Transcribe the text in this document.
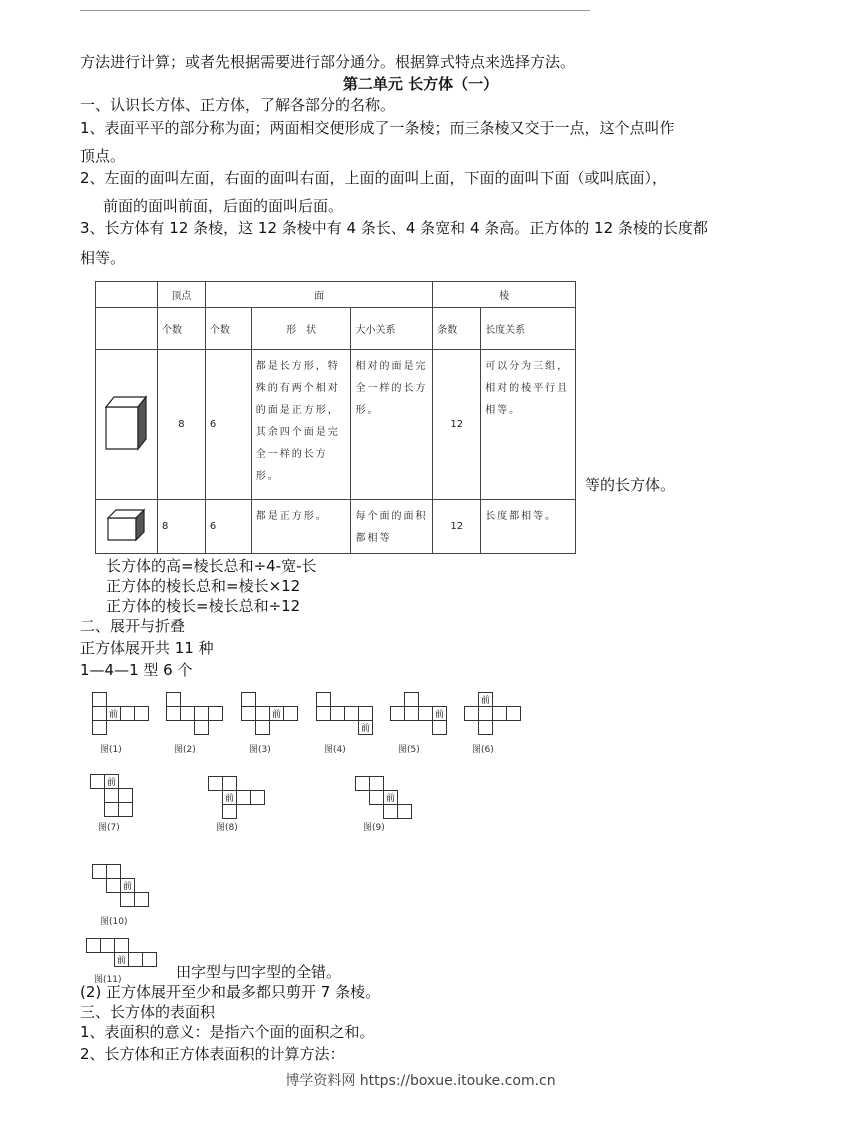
方法进行计算；或者先根据需要进行部分通分。根据算式特点来选择方法。
第二单元 长方体（一）
一、认识长方体、正方体，了解各部分的名称。
1、表面平平的部分称为面；两面相交便形成了一条棱；而三条棱又交于一点，这个点叫作
顶点。
2、左面的面叫左面，右面的面叫右面，上面的面叫上面，下面的面叫下面（或叫底面），
前面的面叫前面，后面的面叫后面。
3、长方体有 12 条棱，这 12 条棱中有 4 条长、4 条宽和 4 条高。正方体的 12 条棱的长度都
相等。
	顶点	面			棱	
	个数	个数	形　状	大小关系	条数	长度关系
	8	6	都是长方形，特殊的有两个相对的面是正方形，其余四个面是完全一样的长方形。	相对的面是完全一样的长方形。	12	可以分为三组，相对的棱平行且相等。
	8	6	都是正方形。	每个面的面积都相等	12	长度都相等。
等的长方体。
长方体的高=棱长总和÷4-宽-长
正方体的棱长总和=棱长×12
正方体的棱长=棱长总和÷12
二、展开与折叠
正方体展开共 11 种
1—4—1 型 6 个
前
图(1)	图(2)
前
图(3)
前
图(4)
前
图(5)
前
图(6)
前
图(7)
前
图(8)
前
图(9)
前
图(10)
前
图(11)	田字型与凹字型的全错。
(2) 正方体展开至少和最多都只剪开 7 条棱。
三、长方体的表面积
1、表面积的意义：是指六个面的面积之和。
2、长方体和正方体表面积的计算方法：
博学资料网 https://boxue.itouke.com.cn
